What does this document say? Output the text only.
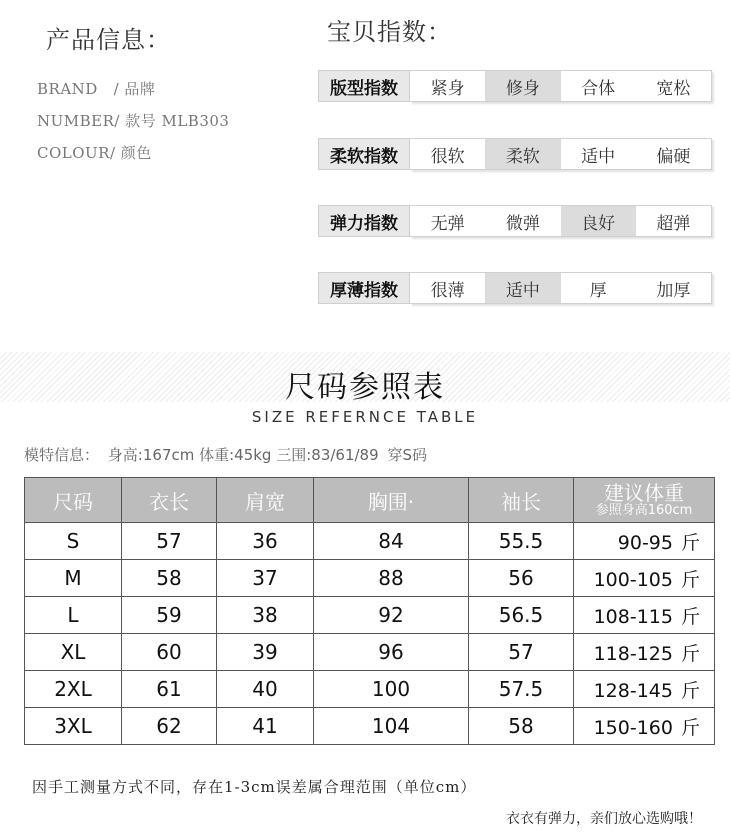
产品信息：
BRAND   / 品牌
NUMBER/ 款号 MLB303
COLOUR/ 颜色
宝贝指数：
版型指数	紧身	修身	合体	宽松
柔软指数	很软	柔软	适中	偏硬
弹力指数	无弹	微弹	良好	超弹
厚薄指数	很薄	适中	厚	加厚
尺码参照表
SIZE REFERNCE TABLE
模特信息： 身高:167cm 体重:45kg 三围:83/61/89 穿S码
尺码	衣长	肩宽	胸围·	袖长	建议体重
参照身高160cm

S	57	36	84	55.5	90-95 斤
M	58	37	88	56	100-105 斤
L	59	38	92	56.5	108-115 斤
XL	60	39	96	57	118-125 斤
2XL	61	40	100	57.5	128-145 斤
3XL	62	41	104	58	150-160 斤
因手工测量方式不同，存在1-3cm误差属合理范围（单位cm）
衣衣有弹力，亲们放心选购哦！
